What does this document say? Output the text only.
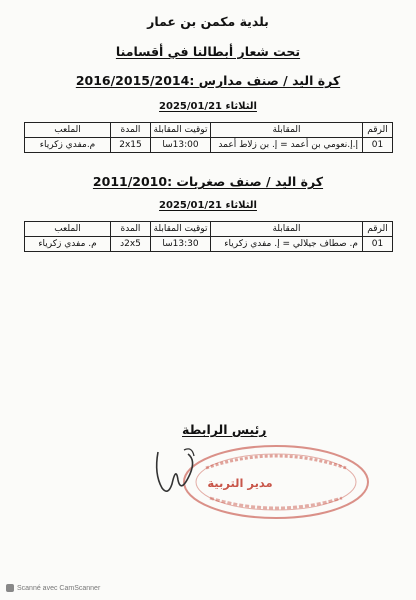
بلدية مكمن بن عمار
تحت شعار أبطالنا في أقسامنا
كرة اليد / صنف مدارس :2016/2015/2014
الثلاثاء 2025/01/21
الرقم	المقابلة	توقيت المقابلة	المدة	الملعب
01	إ.إ.نعومي بن أعمد = إ. بن زلاط أعمد	13:00سا	2x15	م.مفدي زكرياء
كرة اليد / صنف صغريات :2011/2010
الثلاثاء 2025/01/21
الرقم	المقابلة	توقيت المقابلة	المدة	الملعب
01	م. صطاف جيلالي = إ. مفدي زكرياء	13:30سا	2x5د	م. مفدي زكرياء
رئيس الرابطة
مدير التربية
Scanné avec CamScanner
